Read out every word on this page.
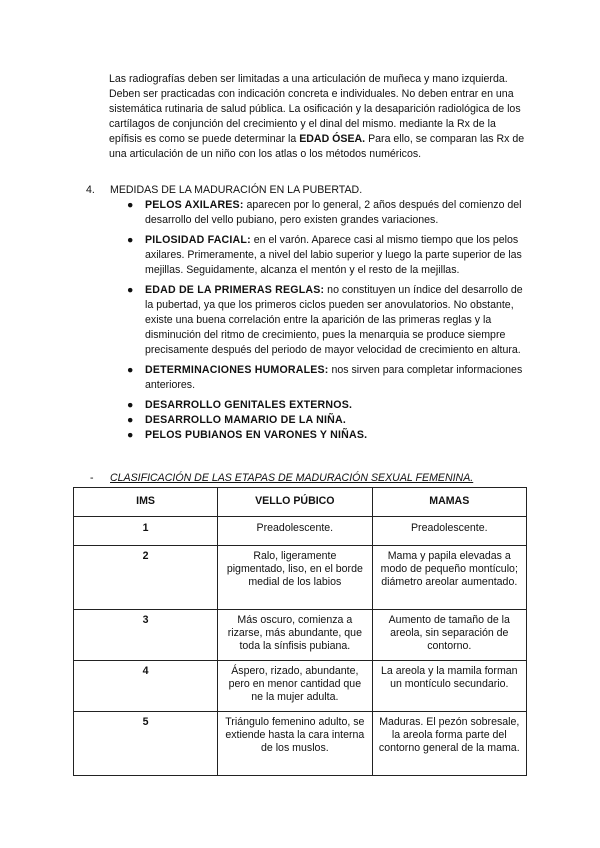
Las radiografías deben ser limitadas a una articulación de muñeca y mano izquierda. Deben ser practicadas con indicación concreta e individuales. No deben entrar en una sistemática rutinaria de salud pública. La osificación y la desaparición radiológica de los cartílagos de conjunción del crecimiento y el dinal del mismo. mediante la Rx de la epífisis es como se puede determinar la EDAD ÓSEA. Para ello, se comparan las Rx de una articulación de un niño con los atlas o los métodos numéricos.

4. MEDIDAS DE LA MADURACIÓN EN LA PUBERTAD.

● PELOS AXILARES: aparecen por lo general, 2 años después del comienzo del desarrollo del vello pubiano, pero existen grandes variaciones.
● PILOSIDAD FACIAL: en el varón. Aparece casi al mismo tiempo que los pelos axilares. Primeramente, a nivel del labio superior y luego la parte superior de las mejillas. Seguidamente, alcanza el mentón y el resto de la mejillas.
● EDAD DE LA PRIMERAS REGLAS: no constituyen un índice del desarrollo de la pubertad, ya que los primeros ciclos pueden ser anovulatorios. No obstante, existe una buena correlación entre la aparición de las primeras reglas y la disminución del ritmo de crecimiento, pues la menarquia se produce siempre precisamente después del periodo de mayor velocidad de crecimiento en altura.
● DETERMINACIONES HUMORALES: nos sirven para completar informaciones anteriores.
● DESARROLLO GENITALES EXTERNOS.
● DESARROLLO MAMARIO DE LA NIÑA.
● PELOS PUBIANOS EN VARONES Y NIÑAS.

- CLASIFICACIÓN DE LAS ETAPAS DE MADURACIÓN SEXUAL FEMENINA.

IMS	VELLO PÚBICO	MAMAS
1	Preadolescente.	Preadolescente.
2	Ralo, ligeramente pigmentado, liso, en el borde medial de los labios	Mama y papila elevadas a modo de pequeño montículo; diámetro areolar aumentado.
3	Más oscuro, comienza a rizarse, más abundante, que toda la sínfisis pubiana.	Aumento de tamaño de la areola, sin separación de contorno.
4	Áspero, rizado, abundante, pero en menor cantidad que ne la mujer adulta.	La areola y la mamila forman un montículo secundario.
5	Triángulo femenino adulto, se extiende hasta la cara interna de los muslos.	Maduras. El pezón sobresale, la areola forma parte del contorno general de la mama.
